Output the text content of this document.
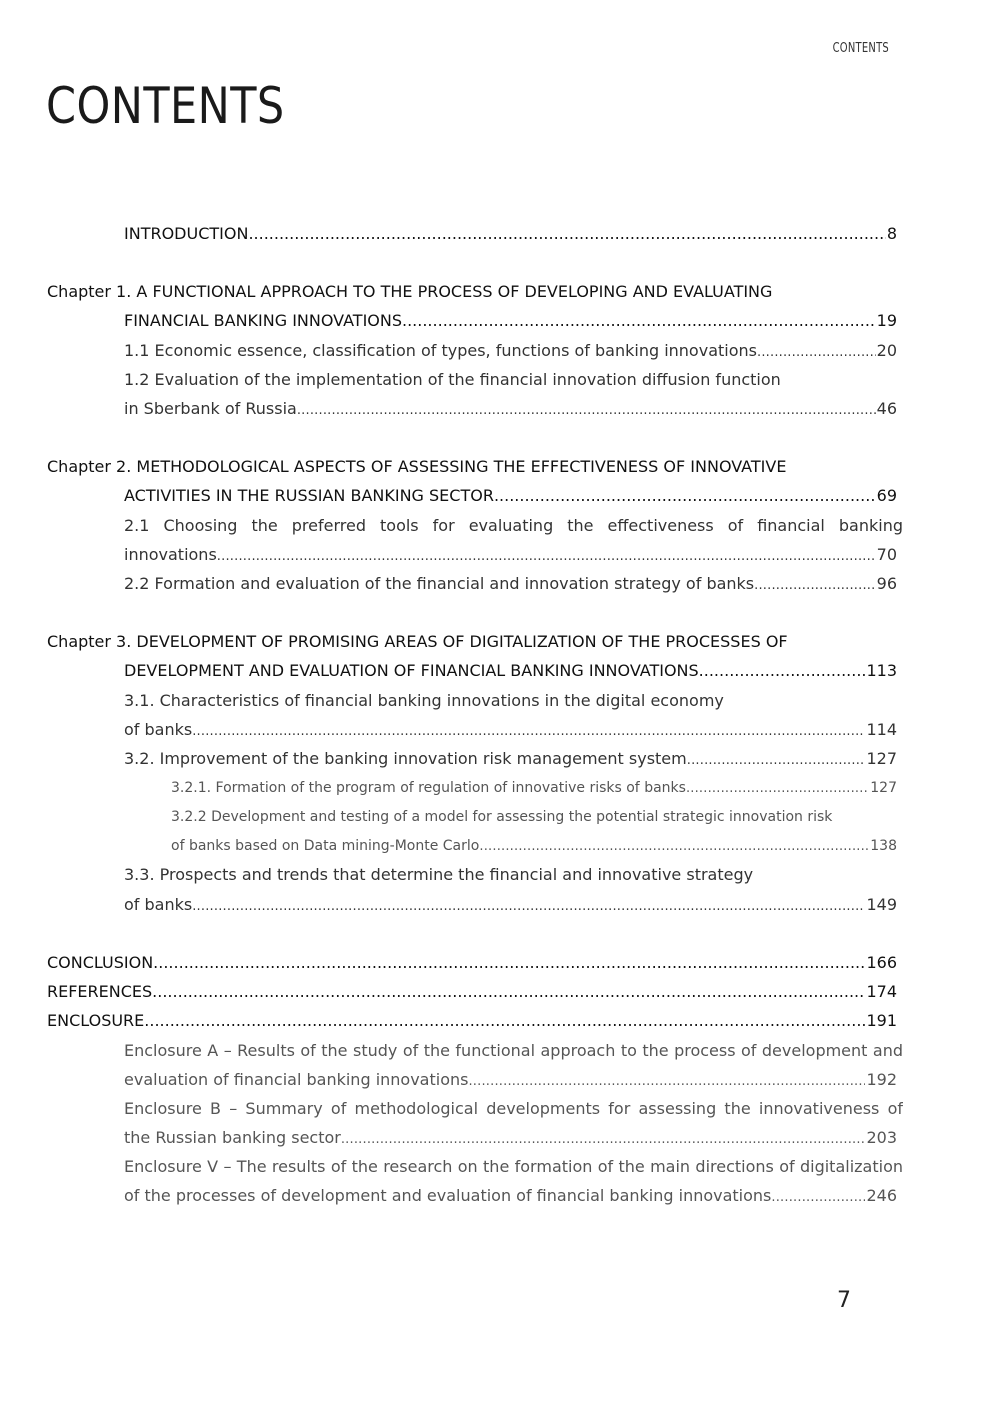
CONTENTS
CONTENTS
INTRODUCTION .....	8
Chapter 1. A FUNCTIONAL APPROACH TO THE PROCESS OF DEVELOPING AND EVALUATING
FINANCIAL BANKING INNOVATIONS .....	19
1.1 Economic essence, classification of types, functions of banking innovations .....	20
1.2 Evaluation of the implementation of the financial innovation diffusion function
in Sberbank of Russia .....	46
Chapter 2. METHODOLOGICAL ASPECTS OF ASSESSING THE EFFECTIVENESS OF INNOVATIVE
ACTIVITIES IN THE RUSSIAN BANKING SECTOR .....	69
2.1 Choosing the preferred tools for evaluating the effectiveness of financial banking
innovations .....	70
2.2 Formation and evaluation of the financial and innovation strategy of banks .....	96
Chapter 3. DEVELOPMENT OF PROMISING AREAS OF DIGITALIZATION OF THE PROCESSES OF
DEVELOPMENT AND EVALUATION OF FINANCIAL BANKING INNOVATIONS .....	113
3.1. Characteristics of financial banking innovations in the digital economy
of banks .....	114
3.2. Improvement of the banking innovation risk management system .....	127
3.2.1. Formation of the program of regulation of innovative risks of banks .....	127
3.2.2 Development and testing of a model for assessing the potential strategic innovation risk
of banks based on Data mining-Monte Carlo .....	138
3.3. Prospects and trends that determine the financial and innovative strategy
of banks .....	149
CONCLUSION .....	166
REFERENCES .....	174
ENCLOSURE .....	191
Enclosure A – Results of the study of the functional approach to the process of development and
evaluation of financial banking innovations .....	192
Enclosure B – Summary of methodological developments for assessing the innovativeness of
the Russian banking sector .....	203
Enclosure V – The results of the research on the formation of the main directions of digitalization
of the processes of development and evaluation of financial banking innovations .....	246
7
